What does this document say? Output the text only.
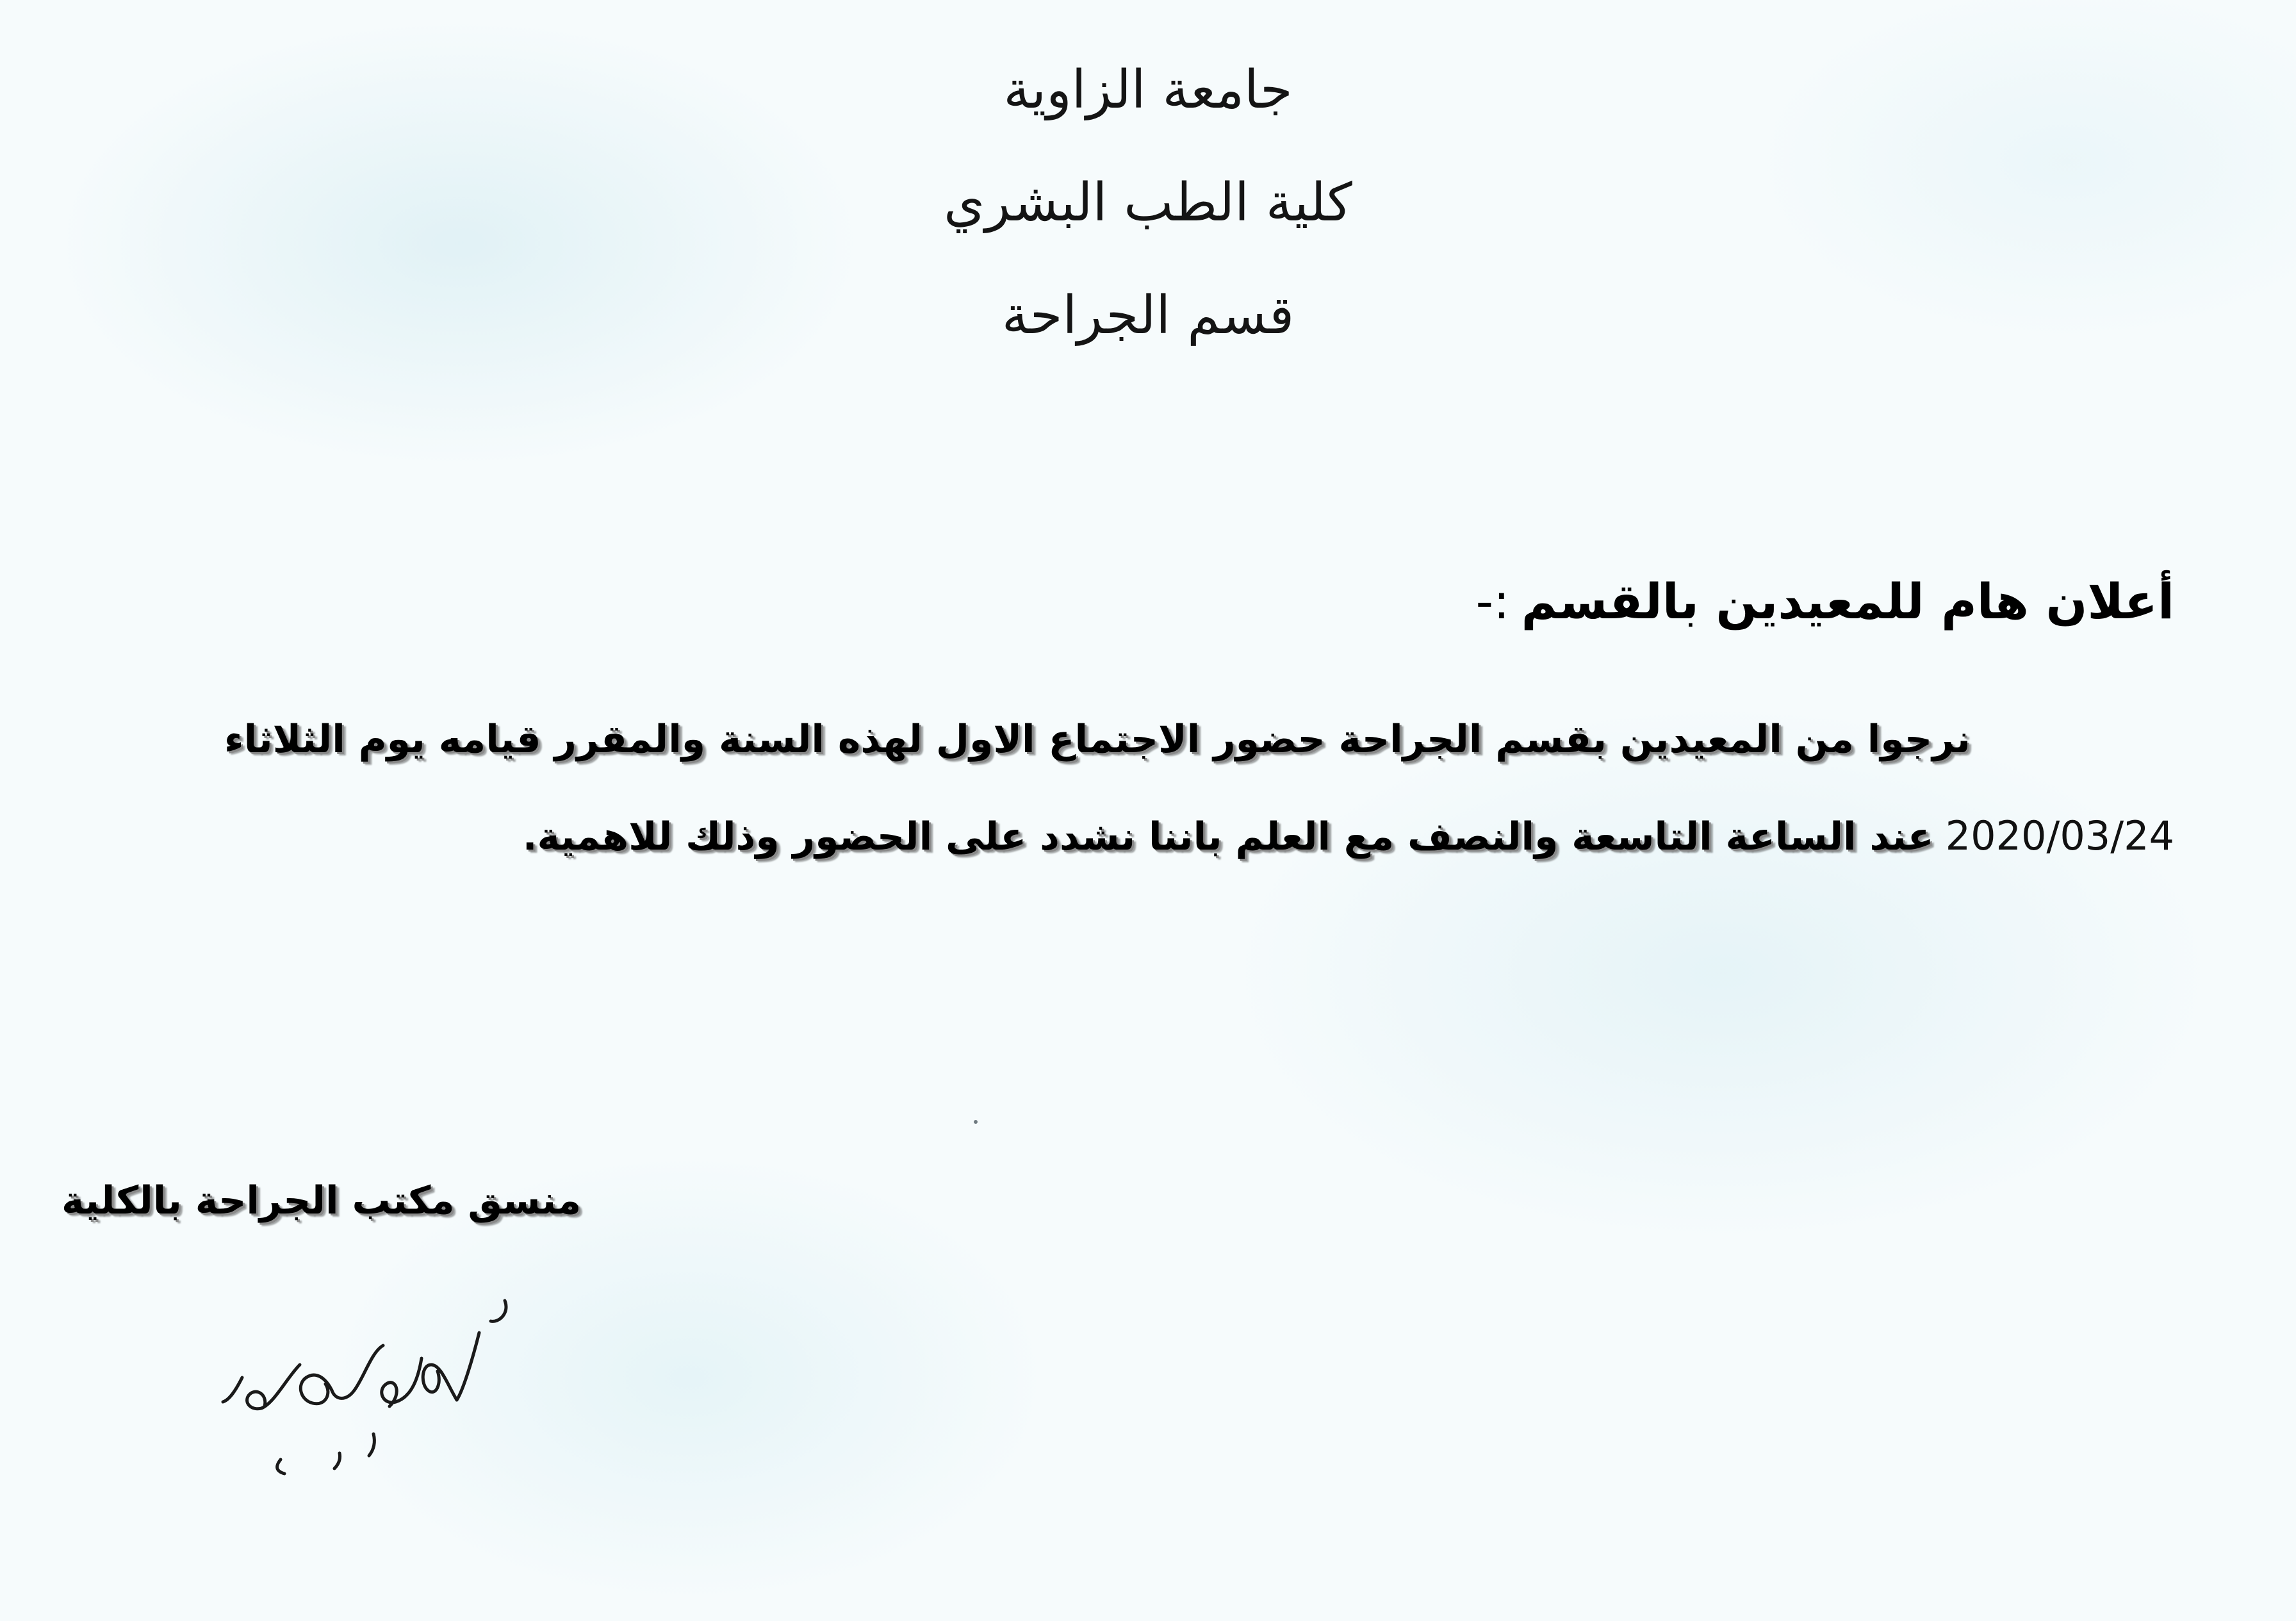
جامعة الزاوية
كلية الطب البشري
قسم الجراحة
أعلان هام للمعيدين بالقسم:-
نرجوا من المعيدين بقسم الجراحة حضور الاجتماع الاول لهذه السنة والمقرر قيامه يوم الثلاثاء
2020/03/24عند الساعة التاسعة والنصف مع العلم باننا نشدد على الحضور وذلك للاهمية.
منسق مكتب الجراحة بالكلية
